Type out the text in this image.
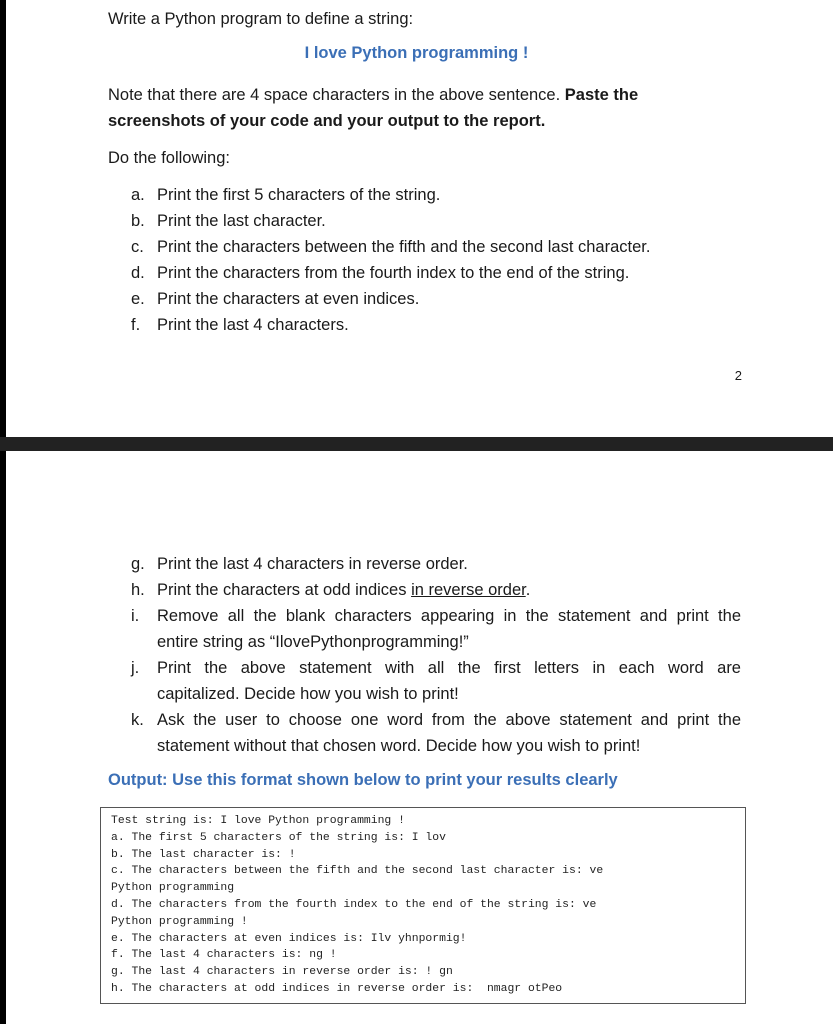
Write a Python program to define a string:
I love Python programming !
Note that there are 4 space characters in the above sentence. Paste the
screenshots of your code and your output to the report.
Do the following:
a. Print the first 5 characters of the string.
b. Print the last character.
c. Print the characters between the fifth and the second last character.
d. Print the characters from the fourth index to the end of the string.
e. Print the characters at even indices.
f. Print the last 4 characters.
2
g. Print the last 4 characters in reverse order.
h. Print the characters at odd indices in reverse order.
i. Remove all the blank characters appearing in the statement and print the
entire string as “IlovePythonprogramming!”
j. Print the above statement with all the first letters in each word are
capitalized. Decide how you wish to print!
k. Ask the user to choose one word from the above statement and print the
statement without that chosen word. Decide how you wish to print!
Output: Use this format shown below to print your results clearly
Test string is: I love Python programming !
a. The first 5 characters of the string is: I lov
b. The last character is: !
c. The characters between the fifth and the second last character is: ve
Python programming
d. The characters from the fourth index to the end of the string is: ve
Python programming !
e. The characters at even indices is: Ilv yhnpormig!
f. The last 4 characters is: ng !
g. The last 4 characters in reverse order is: ! gn
h. The characters at odd indices in reverse order is:  nmagr otPeo
